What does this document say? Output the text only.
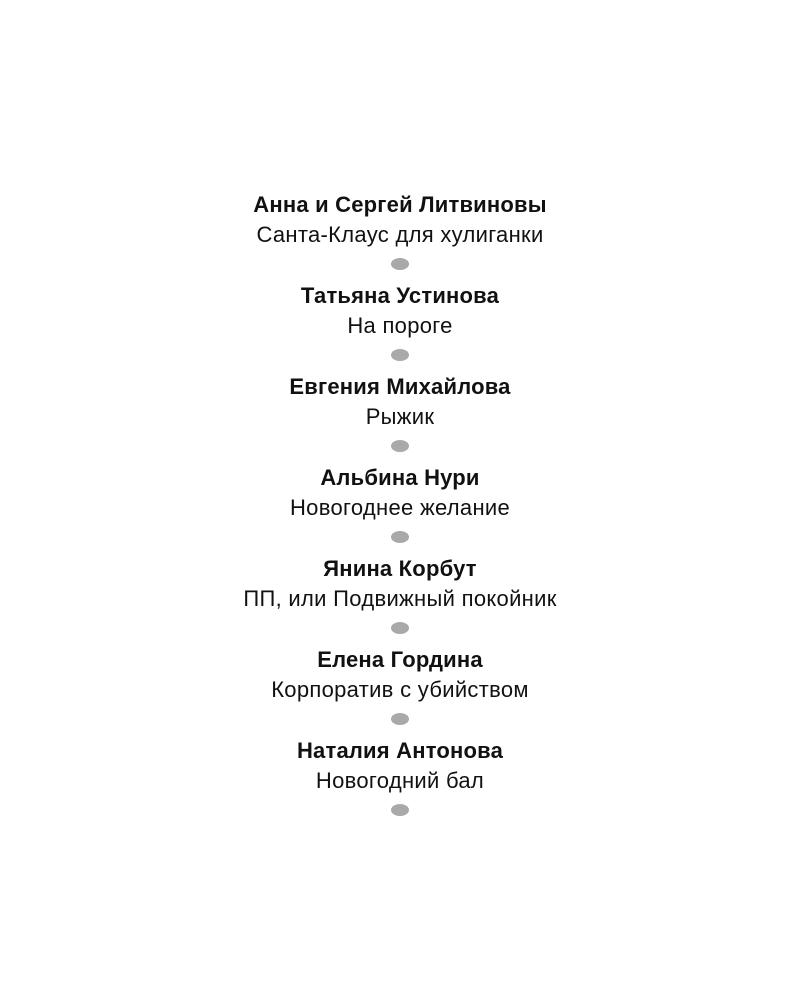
Анна и Сергей Литвиновы
Санта-Клаус для хулиганки
Татьяна Устинова
На пороге
Евгения Михайлова
Рыжик
Альбина Нури
Новогоднее желание
Янина Корбут
ПП, или Подвижный покойник
Елена Гордина
Корпоратив с убийством
Наталия Антонова
Новогодний бал
